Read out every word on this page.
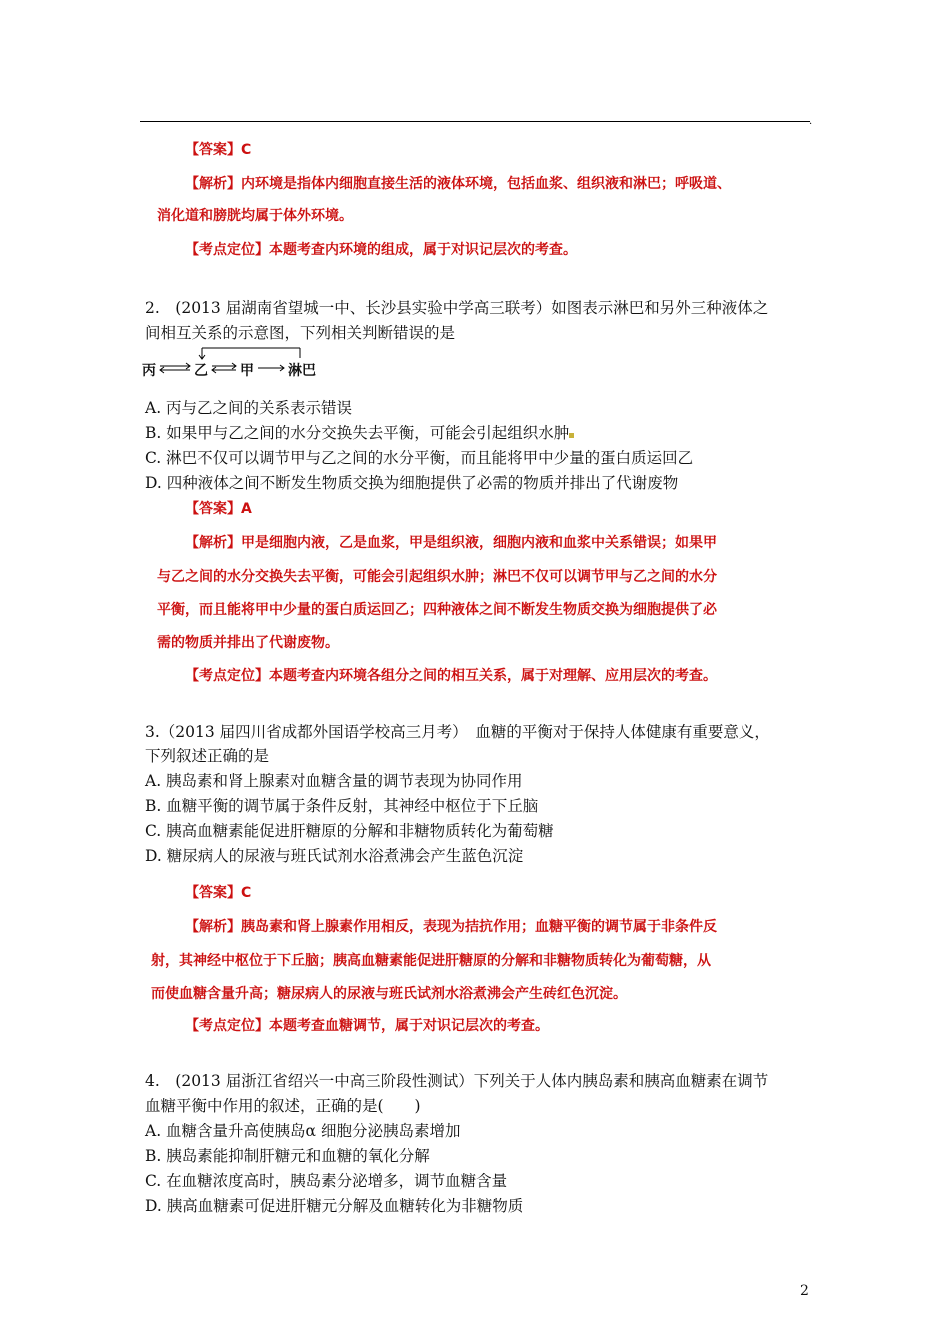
.
【答案】C
【解析】内环境是指体内细胞直接生活的液体环境，包括血浆、组织液和淋巴；呼吸道、
消化道和膀胱均属于体外环境。
【考点定位】本题考查内环境的组成，属于对识记层次的考查。
2.　(2013 届湖南省望城一中、长沙县实验中学高三联考）如图表示淋巴和另外三种液体之
间相互关系的示意图，下列相关判断错误的是
丙	乙 甲 淋巴
A. 丙与乙之间的关系表示错误
B. 如果甲与乙之间的水分交换失去平衡，可能会引起组织水肿
C. 淋巴不仅可以调节甲与乙之间的水分平衡，而且能将甲中少量的蛋白质运回乙
D. 四种液体之间不断发生物质交换为细胞提供了必需的物质并排出了代谢废物
【答案】A
【解析】甲是细胞内液，乙是血浆，甲是组织液，细胞内液和血浆中关系错误；如果甲
与乙之间的水分交换失去平衡，可能会引起组织水肿；淋巴不仅可以调节甲与乙之间的水分
平衡，而且能将甲中少量的蛋白质运回乙；四种液体之间不断发生物质交换为细胞提供了必
需的物质并排出了代谢废物。
【考点定位】本题考查内环境各组分之间的相互关系，属于对理解、应用层次的考查。
3.（2013 届四川省成都外国语学校高三月考）　血糖的平衡对于保持人体健康有重要意义，
下列叙述正确的是
A. 胰岛素和肾上腺素对血糖含量的调节表现为协同作用
B. 血糖平衡的调节属于条件反射，其神经中枢位于下丘脑
C. 胰高血糖素能促进肝糖原的分解和非糖物质转化为葡萄糖
D. 糖尿病人的尿液与班氏试剂水浴煮沸会产生蓝色沉淀
【答案】C
【解析】胰岛素和肾上腺素作用相反，表现为拮抗作用；血糖平衡的调节属于非条件反
射，其神经中枢位于下丘脑；胰高血糖素能促进肝糖原的分解和非糖物质转化为葡萄糖，从
而使血糖含量升高；糖尿病人的尿液与班氏试剂水浴煮沸会产生砖红色沉淀。
【考点定位】本题考查血糖调节，属于对识记层次的考查。
4.　(2013 届浙江省绍兴一中高三阶段性测试）下列关于人体内胰岛素和胰高血糖素在调节
血糖平衡中作用的叙述，正确的是(　　)
A. 血糖含量升高使胰岛α 细胞分泌胰岛素增加
B. 胰岛素能抑制肝糖元和血糖的氧化分解
C. 在血糖浓度高时，胰岛素分泌增多，调节血糖含量
D. 胰高血糖素可促进肝糖元分解及血糖转化为非糖物质
2
